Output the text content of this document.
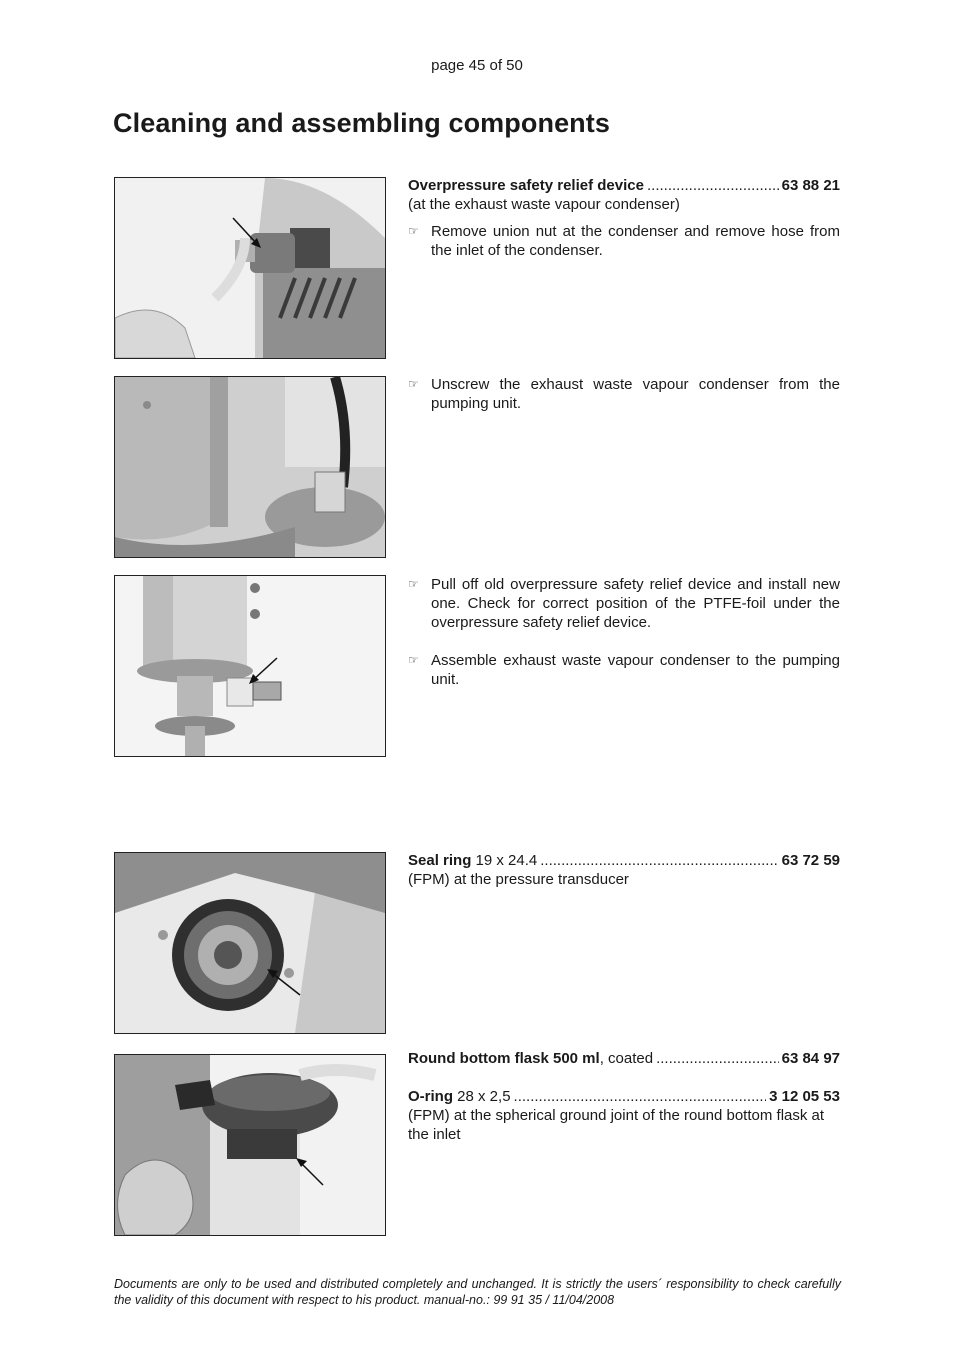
page 45 of 50
Cleaning and assembling components
Overpressure safety relief device .....	63 88 21
(at the exhaust waste vapour condenser)
☞ Remove union nut at the condenser and remove hose from the inlet of the condenser.
☞ Unscrew the exhaust waste vapour condenser from the pumping unit.
☞ Pull off old overpressure safety relief device and install new one. Check for correct position of the PTFE-foil under the overpressure safety relief device.
☞ Assemble exhaust waste vapour condenser to the pumping unit.
Seal ring 19 x 24.4 .....	63 72 59
(FPM) at the pressure transducer
Round bottom flask 500 ml, coated .....	63 84 97
O-ring 28 x 2,5 .....	3 12 05 53
(FPM) at the spherical ground joint of the round bottom flask at the inlet
Documents are only to be used and distributed completely and unchanged. It is strictly the users´ responsibility to check carefully the validity of this document with respect to his product. manual-no.: 99 91 35 / 11/04/2008
